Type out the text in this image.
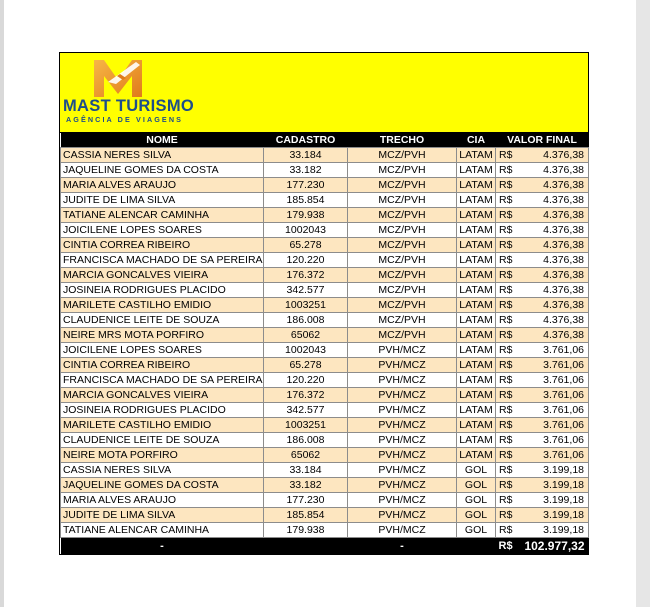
MAST TURISMO
AGÊNCIA DE VIAGENS
NOME	CADASTRO	TRECHO	CIA	VALOR FINAL	
CASSIA NERES SILVA	33.184	MCZ/PVH	LATAM	R$	4.376,38
JAQUELINE GOMES DA COSTA	33.182	MCZ/PVH	LATAM	R$	4.376,38
MARIA ALVES ARAUJO	177.230	MCZ/PVH	LATAM	R$	4.376,38
JUDITE DE LIMA SILVA	185.854	MCZ/PVH	LATAM	R$	4.376,38
TATIANE ALENCAR CAMINHA	179.938	MCZ/PVH	LATAM	R$	4.376,38
JOICILENE LOPES SOARES	1002043	MCZ/PVH	LATAM	R$	4.376,38
CINTIA CORREA RIBEIRO	65.278	MCZ/PVH	LATAM	R$	4.376,38
FRANCISCA MACHADO DE SA PEREIRA	120.220	MCZ/PVH	LATAM	R$	4.376,38
MARCIA GONCALVES VIEIRA	176.372	MCZ/PVH	LATAM	R$	4.376,38
JOSINEIA RODRIGUES PLACIDO	342.577	MCZ/PVH	LATAM	R$	4.376,38
MARILETE CASTILHO EMIDIO	1003251	MCZ/PVH	LATAM	R$	4.376,38
CLAUDENICE LEITE DE SOUZA	186.008	MCZ/PVH	LATAM	R$	4.376,38
NEIRE MRS MOTA PORFIRO	65062	MCZ/PVH	LATAM	R$	4.376,38
JOICILENE LOPES SOARES	1002043	PVH/MCZ	LATAM	R$	3.761,06
CINTIA CORREA RIBEIRO	65.278	PVH/MCZ	LATAM	R$	3.761,06
FRANCISCA MACHADO DE SA PEREIRA	120.220	PVH/MCZ	LATAM	R$	3.761,06
MARCIA GONCALVES VIEIRA	176.372	PVH/MCZ	LATAM	R$	3.761,06
JOSINEIA RODRIGUES PLACIDO	342.577	PVH/MCZ	LATAM	R$	3.761,06
MARILETE CASTILHO EMIDIO	1003251	PVH/MCZ	LATAM	R$	3.761,06
CLAUDENICE LEITE DE SOUZA	186.008	PVH/MCZ	LATAM	R$	3.761,06
NEIRE MOTA PORFIRO	65062	PVH/MCZ	LATAM	R$	3.761,06
CASSIA NERES SILVA	33.184	PVH/MCZ	GOL	R$	3.199,18
JAQUELINE GOMES DA COSTA	33.182	PVH/MCZ	GOL	R$	3.199,18
MARIA ALVES ARAUJO	177.230	PVH/MCZ	GOL	R$	3.199,18
JUDITE DE LIMA SILVA	185.854	PVH/MCZ	GOL	R$	3.199,18
TATIANE ALENCAR CAMINHA	179.938	PVH/MCZ	GOL	R$	3.199,18
-		-		R$	102.977,32
